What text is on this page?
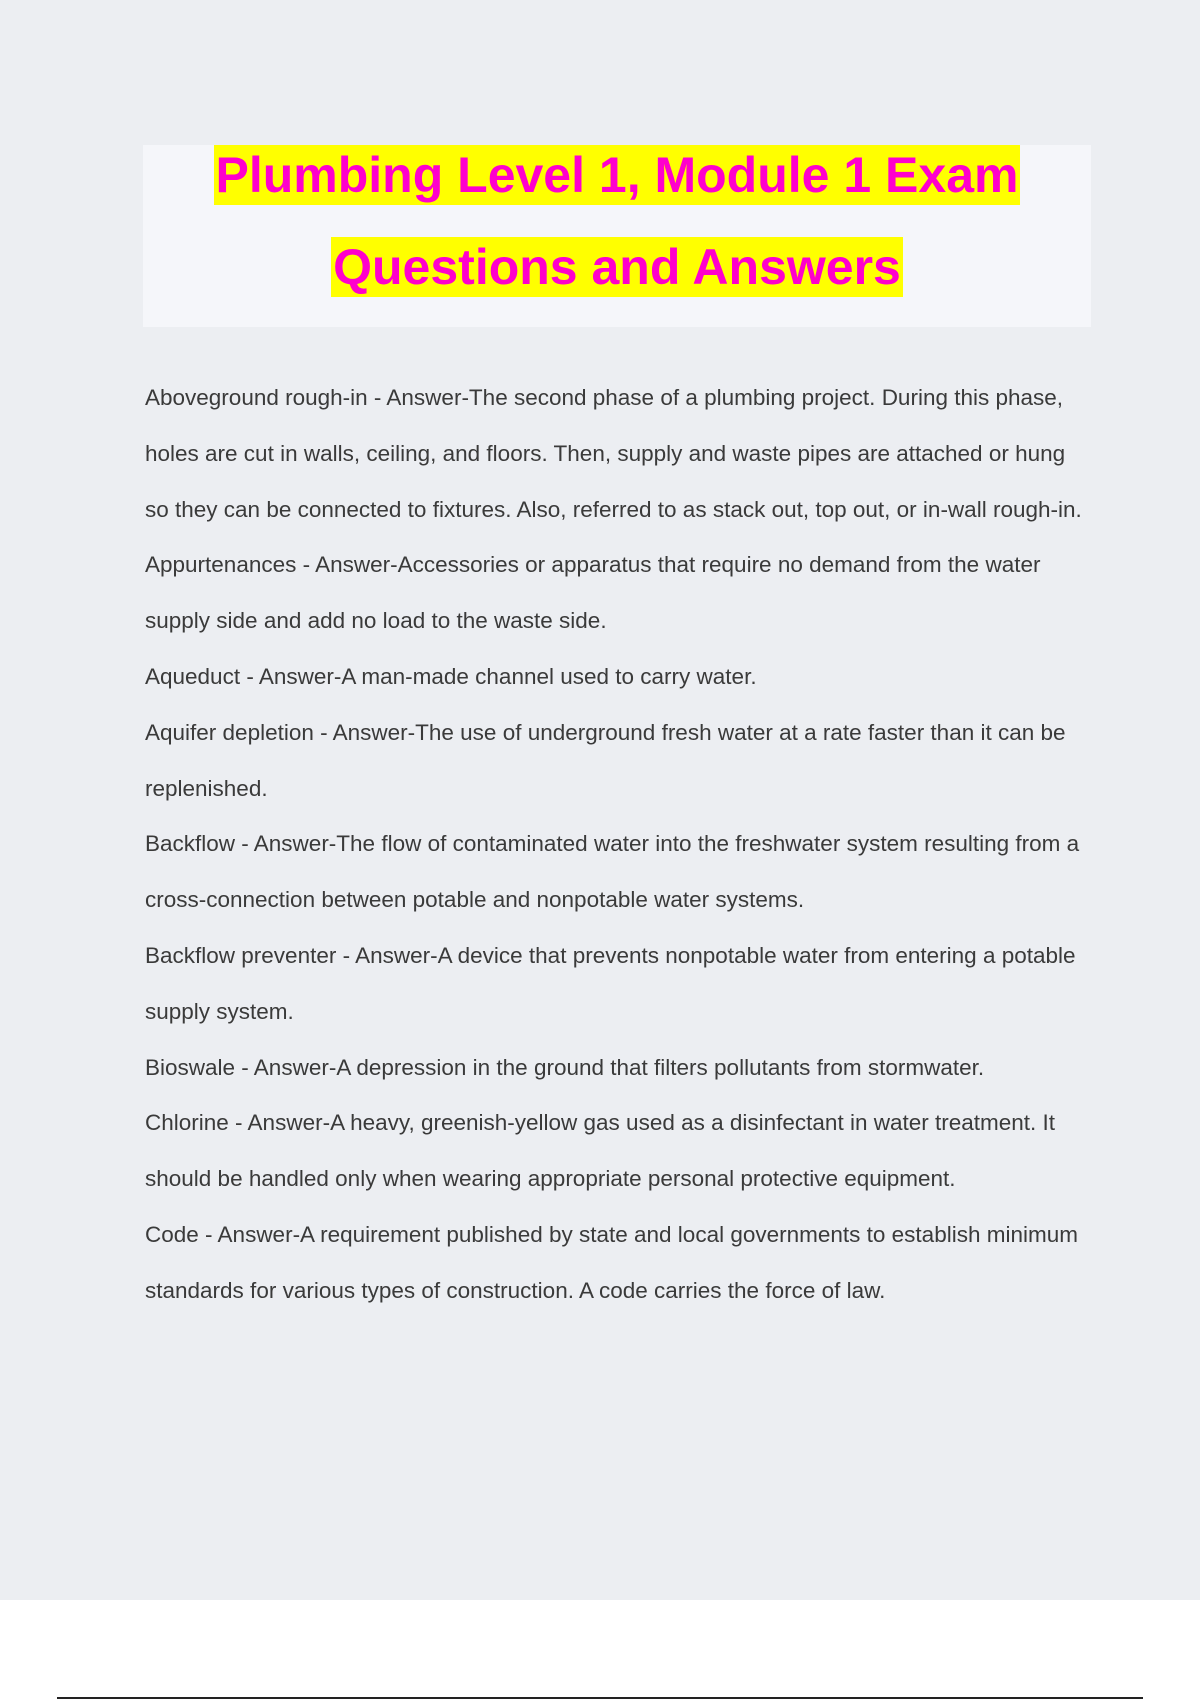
Plumbing Level 1, Module 1 Exam
Questions and Answers

Aboveground rough-in - Answer-The second phase of a plumbing project. During this phase, holes are cut in walls, ceiling, and floors. Then, supply and waste pipes are attached or hung so they can be connected to fixtures. Also, referred to as stack out, top out, or in-wall rough-in.

Appurtenances - Answer-Accessories or apparatus that require no demand from the water supply side and add no load to the waste side.

Aqueduct - Answer-A man-made channel used to carry water.

Aquifer depletion - Answer-The use of underground fresh water at a rate faster than it can be replenished.

Backflow - Answer-The flow of contaminated water into the freshwater system resulting from a cross-connection between potable and nonpotable water systems.

Backflow preventer - Answer-A device that prevents nonpotable water from entering a potable supply system.

Bioswale - Answer-A depression in the ground that filters pollutants from stormwater.

Chlorine - Answer-A heavy, greenish-yellow gas used as a disinfectant in water treatment. It should be handled only when wearing appropriate personal protective equipment.

Code - Answer-A requirement published by state and local governments to establish minimum standards for various types of construction. A code carries the force of law.
